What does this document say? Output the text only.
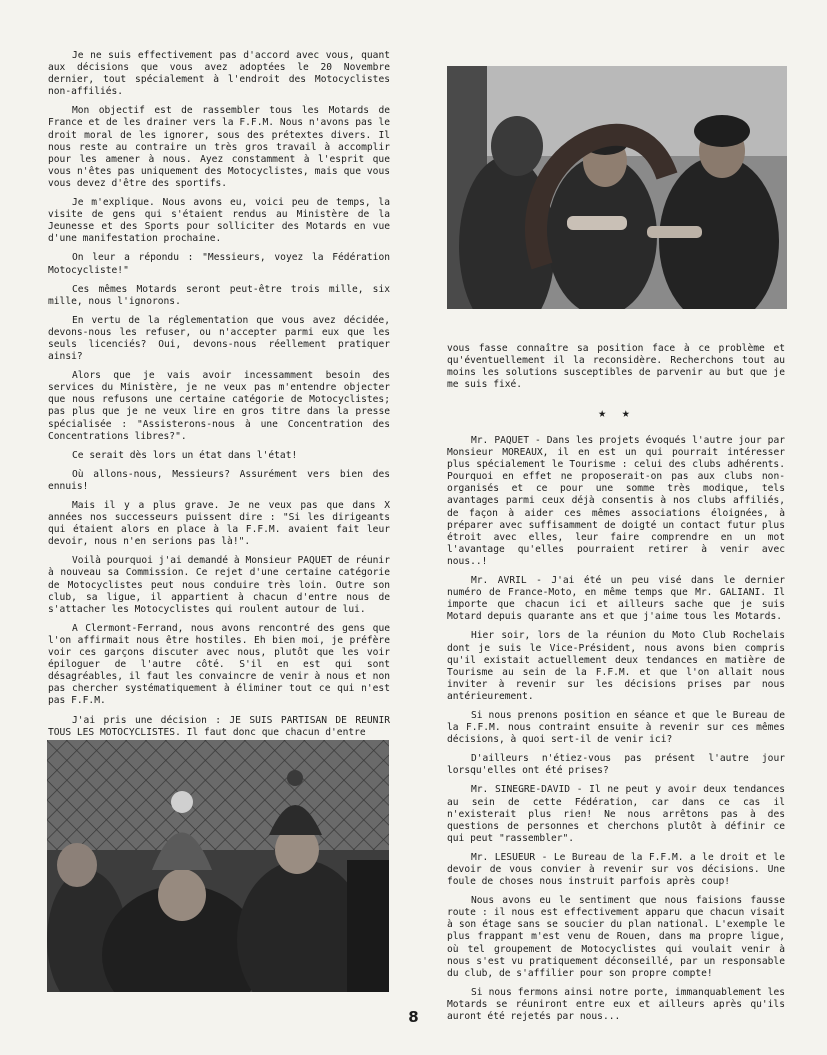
Je ne suis effectivement pas d'accord avec vous, quant aux décisions que vous avez adoptées le 20 Novembre dernier, tout spécialement à l'endroit des Motocyclistes non-affiliés.

Mon objectif est de rassembler tous les Motards de France et de les drainer vers la F.F.M. Nous n'avons pas le droit moral de les ignorer, sous des prétextes divers. Il nous reste au contraire un très gros travail à accomplir pour les amener à nous. Ayez constamment à l'esprit que vous n'êtes pas uniquement des Motocyclistes, mais que vous vous devez d'être des sportifs.

Je m'explique. Nous avons eu, voici peu de temps, la visite de gens qui s'étaient rendus au Ministère de la Jeunesse et des Sports pour solliciter des Motards en vue d'une manifestation prochaine.

On leur a répondu : "Messieurs, voyez la Fédération Motocycliste!"

Ces mêmes Motards seront peut-être trois mille, six mille, nous l'ignorons.

En vertu de la réglementation que vous avez décidée, devons-nous les refuser, ou n'accepter parmi eux que les seuls licenciés? Oui, devons-nous réellement pratiquer ainsi?

Alors que je vais avoir incessamment besoin des services du Ministère, je ne veux pas m'entendre objecter que nous refusons une certaine catégorie de Motocyclistes; pas plus que je ne veux lire en gros titre dans la presse spécialisée : "Assisterons-nous à une Concentration des Concentrations libres?".

Ce serait dès lors un état dans l'état!

Où allons-nous, Messieurs? Assurément vers bien des ennuis!

Mais il y a plus grave. Je ne veux pas que dans X années nos successeurs puissent dire : "Si les dirigeants qui étaient alors en place à la F.F.M. avaient fait leur devoir, nous n'en serions pas là!".

Voilà pourquoi j'ai demandé à Monsieur PAQUET de réunir à nouveau sa Commission. Ce rejet d'une certaine catégorie de Motocyclistes peut nous conduire très loin. Outre son club, sa ligue, il appartient à chacun d'entre nous de s'attacher les Motocyclistes qui roulent autour de lui.

A Clermont-Ferrand, nous avons rencontré des gens que l'on affirmait nous être hostiles. Eh bien moi, je préfère voir ces garçons discuter avec nous, plutôt que les voir épiloguer de l'autre côté. S'il en est qui sont désagréables, il faut les convaincre de venir à nous et non pas chercher systématiquement à éliminer tout ce qui n'est pas F.F.M.

J'ai pris une décision : JE SUIS PARTISAN DE REUNIR TOUS LES MOTOCYCLISTES. Il faut donc que chacun d'entre

vous fasse connaître sa position face à ce problème et qu'éventuellement il la reconsidère. Recherchons tout au moins les solutions susceptibles de parvenir au but que je me suis fixé.

★ ★

Mr. PAQUET - Dans les projets évoqués l'autre jour par Monsieur MOREAUX, il en est un qui pourrait intéresser plus spécialement le Tourisme : celui des clubs adhérents. Pourquoi en effet ne proposerait-on pas aux clubs non-organisés et ce pour une somme très modique, tels avantages parmi ceux déjà consentis à nos clubs affiliés, de façon à aider ces mêmes associations éloignées, à préparer avec suffisamment de doigté un contact futur plus étroit avec elles, leur faire comprendre en un mot l'avantage qu'elles pourraient retirer à venir avec nous..!

Mr. AVRIL - J'ai été un peu visé dans le dernier numéro de France-Moto, en même temps que Mr. GALIANI. Il importe que chacun ici et ailleurs sache que je suis Motard depuis quarante ans et que j'aime tous les Motards.

Hier soir, lors de la réunion du Moto Club Rochelais dont je suis le Vice-Président, nous avons bien compris qu'il existait actuellement deux tendances en matière de Tourisme au sein de la F.F.M. et que l'on allait nous inviter à revenir sur les décisions prises par nous antérieurement.

Si nous prenons position en séance et que le Bureau de la F.F.M. nous contraint ensuite à revenir sur ces mêmes décisions, à quoi sert-il de venir ici?

D'ailleurs n'étiez-vous pas présent l'autre jour lorsqu'elles ont été prises?

Mr. SINEGRE-DAVID - Il ne peut y avoir deux tendances au sein de cette Fédération, car dans ce cas il n'existerait plus rien! Ne nous arrêtons pas à des questions de personnes et cherchons plutôt à définir ce qui peut "rassembler".

Mr. LESUEUR - Le Bureau de la F.F.M. a le droit et le devoir de vous convier à revenir sur vos décisions. Une foule de choses nous instruit parfois après coup!

Nous avons eu le sentiment que nous faisions fausse route : il nous est effectivement apparu que chacun visait à son étage sans se soucier du plan national. L'exemple le plus frappant m'est venu de Rouen, dans ma propre ligue, où tel groupement de Motocyclistes qui voulait venir à nous s'est vu pratiquement déconseillé, par un responsable du club, de s'affilier pour son propre compte!

Si nous fermons ainsi notre porte, immanquablement les Motards se réuniront entre eux et ailleurs après qu'ils auront été rejetés par nous...

8
